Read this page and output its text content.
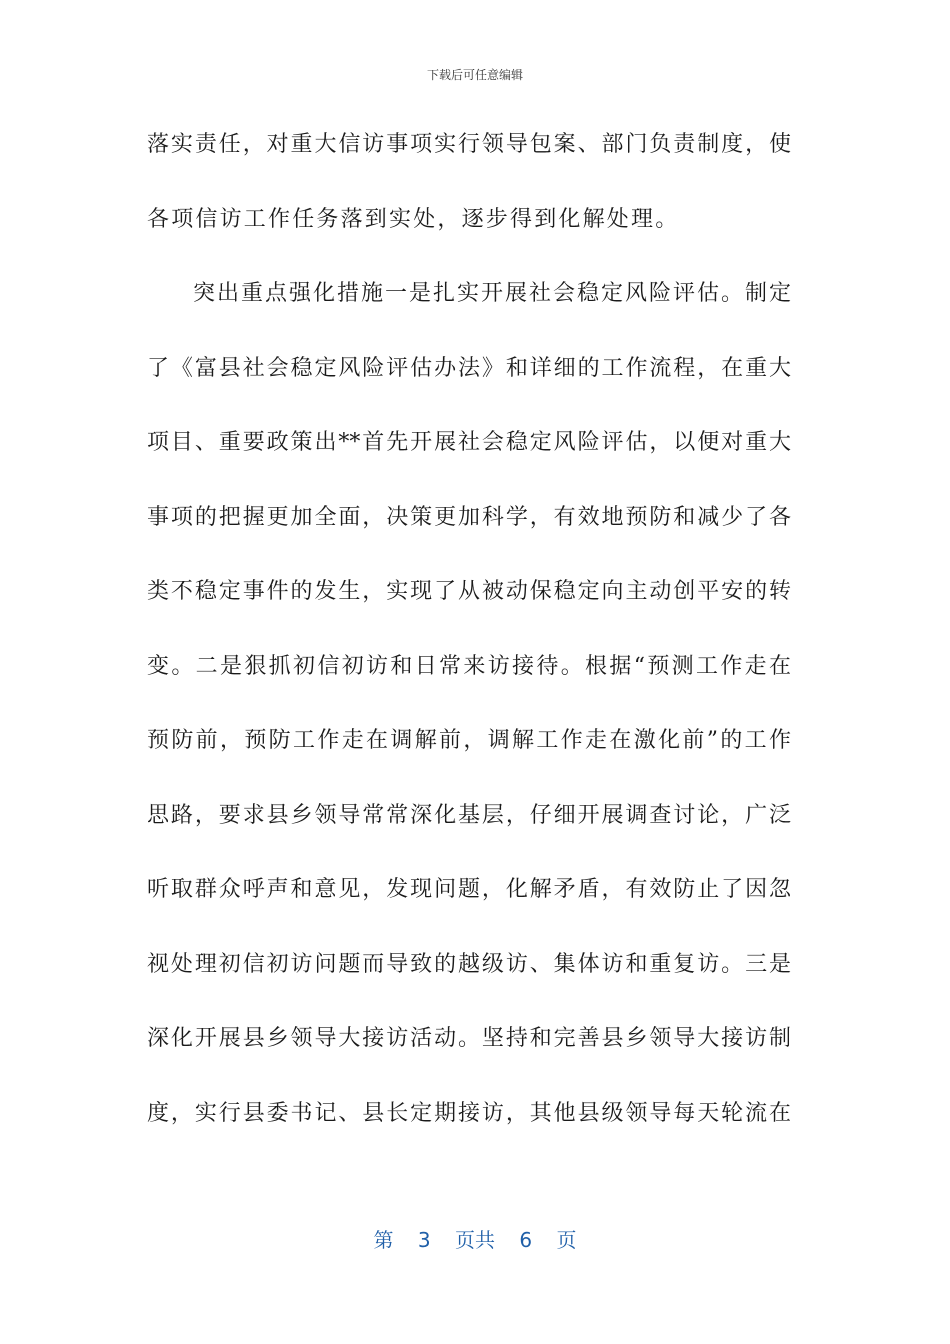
下载后可任意编辑
落实责任，对重大信访事项实行领导包案、部门负责制度，使
各项信访工作任务落到实处，逐步得到化解处理。
突出重点强化措施一是扎实开展社会稳定风险评估。制定
了《富县社会稳定风险评估办法》和详细的工作流程，在重大
项目、重要政策出**首先开展社会稳定风险评估，以便对重大
事项的把握更加全面，决策更加科学，有效地预防和减少了各
类不稳定事件的发生，实现了从被动保稳定向主动创平安的转
变。二是狠抓初信初访和日常来访接待。根据“预测工作走在
预防前，预防工作走在调解前，调解工作走在激化前”的工作
思路，要求县乡领导常常深化基层，仔细开展调查讨论，广泛
听取群众呼声和意见，发现问题，化解矛盾，有效防止了因忽
视处理初信初访问题而导致的越级访、集体访和重复访。三是
深化开展县乡领导大接访活动。坚持和完善县乡领导大接访制
度，实行县委书记、县长定期接访，其他县级领导每天轮流在
第 3 页共 6 页
